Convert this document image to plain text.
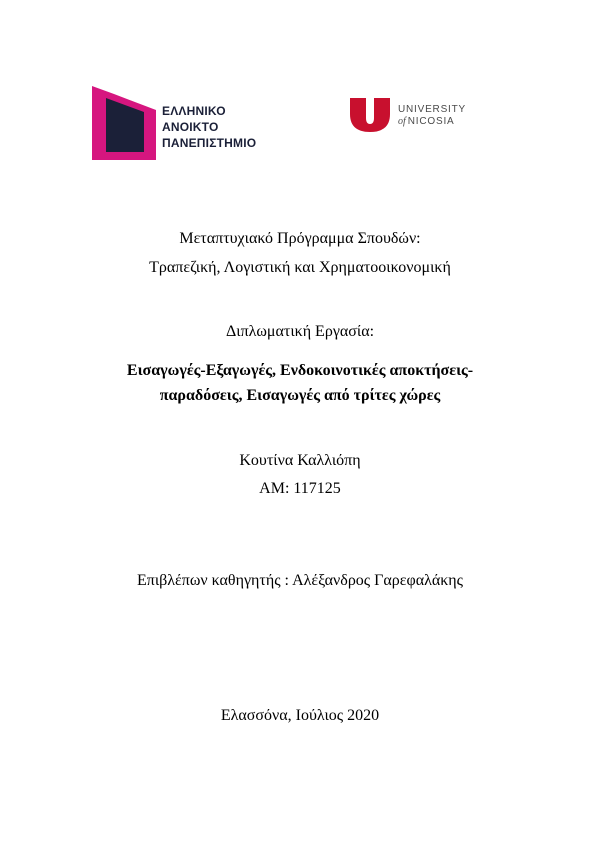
ΕΛΛΗΝΙΚΟ
ΑΝΟΙΚΤΟ
ΠΑΝΕΠΙΣΤΗΜΙΟ
UNIVERSITY
of NICOSIA
Μεταπτυχιακό Πρόγραμμα Σπουδών:
Τραπεζική, Λογιστική και Χρηματοοικονομική
Διπλωματική Εργασία:
Εισαγωγές-Εξαγωγές, Ενδοκοινοτικές αποκτήσεις-
παραδόσεις, Εισαγωγές από τρίτες χώρες
Κουτίνα Καλλιόπη
AM: 117125
Επιβλέπων καθηγητής : Αλέξανδρος Γαρεφαλάκης
Ελασσόνα, Ιούλιος 2020
